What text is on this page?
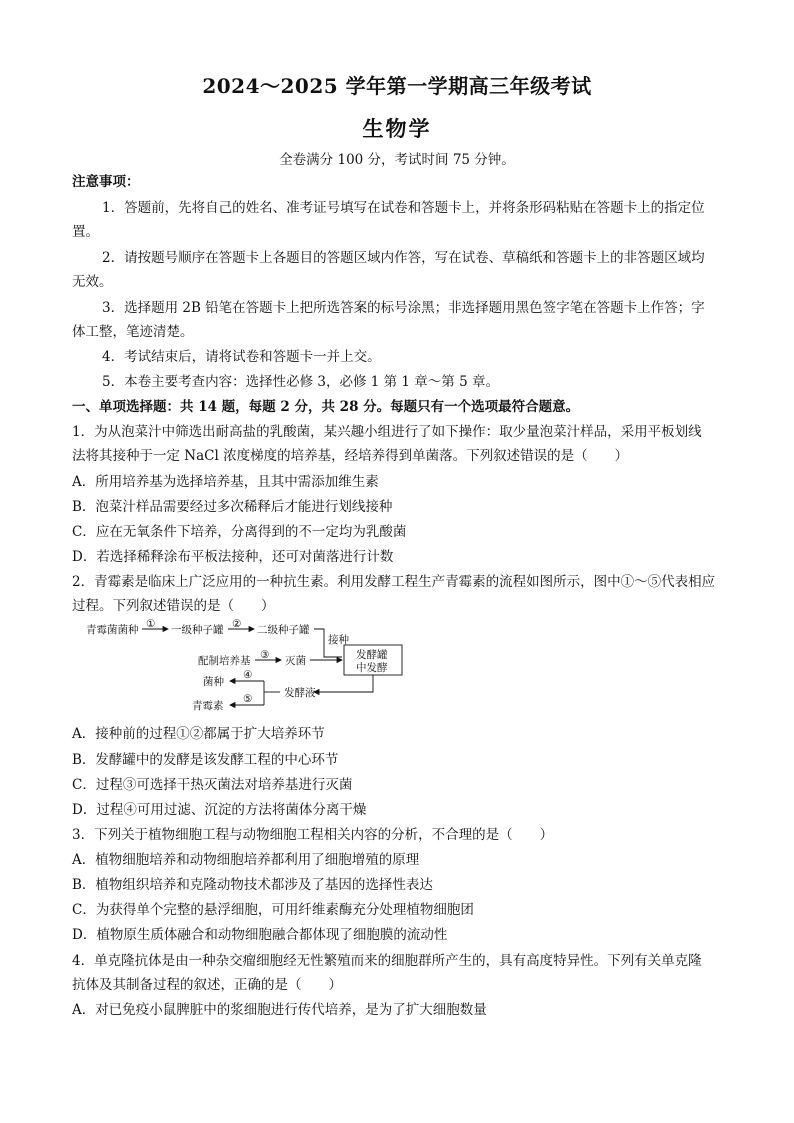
2024～2025 学年第一学期高三年级考试
生物学
全卷满分 100 分，考试时间 75 分钟。
注意事项：
1．答题前，先将自己的姓名、准考证号填写在试卷和答题卡上，并将条形码粘贴在答题卡上的指定位
置。
2．请按题号顺序在答题卡上各题目的答题区域内作答，写在试卷、草稿纸和答题卡上的非答题区域均
无效。
3．选择题用 2B 铅笔在答题卡上把所选答案的标号涂黑；非选择题用黑色签字笔在答题卡上作答；字
体工整，笔迹清楚。
4．考试结束后，请将试卷和答题卡一并上交。
5．本卷主要考查内容：选择性必修 3，必修 1 第 1 章～第 5 章。
一、单项选择题：共 14 题，每题 2 分，共 28 分。每题只有一个选项最符合题意。
1．为从泡菜汁中筛选出耐高盐的乳酸菌，某兴趣小组进行了如下操作：取少量泡菜汁样品，采用平板划线
法将其接种于一定 NaCl 浓度梯度的培养基，经培养得到单菌落。下列叙述错误的是（　　）
A．所用培养基为选择培养基，且其中需添加维生素
B．泡菜汁样品需要经过多次稀释后才能进行划线接种
C．应在无氧条件下培养，分离得到的不一定均为乳酸菌
D．若选择稀释涂布平板法接种，还可对菌落进行计数
2．青霉素是临床上广泛应用的一种抗生素。利用发酵工程生产青霉素的流程如图所示，图中①～⑤代表相应
过程。下列叙述错误的是（　　）
青霉菌菌种 ① 一级种子罐 ② 二级种子罐
接种
配制培养基 ③ 灭菌	发酵罐
中发酵
发酵液
④
菌种
⑤
青霉素
A．接种前的过程①②都属于扩大培养环节
B．发酵罐中的发酵是该发酵工程的中心环节
C．过程③可选择干热灭菌法对培养基进行灭菌
D．过程④可用过滤、沉淀的方法将菌体分离干燥
3．下列关于植物细胞工程与动物细胞工程相关内容的分析，不合理的是（　　）
A．植物细胞培养和动物细胞培养都利用了细胞增殖的原理
B．植物组织培养和克隆动物技术都涉及了基因的选择性表达
C．为获得单个完整的悬浮细胞，可用纤维素酶充分处理植物细胞团
D．植物原生质体融合和动物细胞融合都体现了细胞膜的流动性
4．单克隆抗体是由一种杂交瘤细胞经无性繁殖而来的细胞群所产生的，具有高度特异性。下列有关单克隆
抗体及其制备过程的叙述，正确的是（　　）
A．对已免疫小鼠脾脏中的浆细胞进行传代培养，是为了扩大细胞数量
